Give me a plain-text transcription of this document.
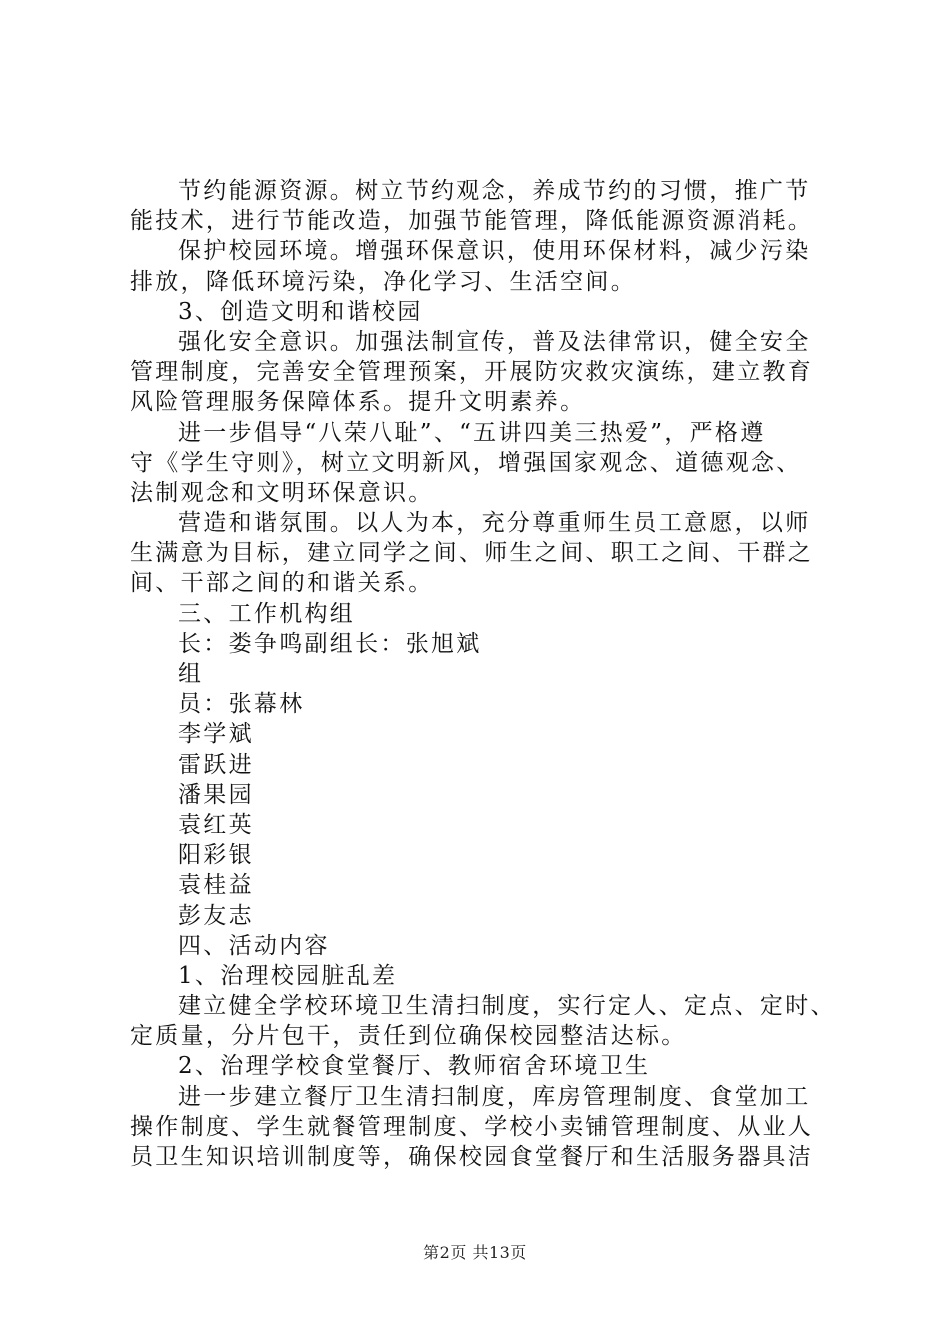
节约能源资源。树立节约观念，养成节约的习惯，推广节
能技术，进行节能改造，加强节能管理，降低能源资源消耗。
保护校园环境。增强环保意识，使用环保材料，减少污染
排放，降低环境污染，净化学习、生活空间。
3、创造文明和谐校园
强化安全意识。加强法制宣传，普及法律常识，健全安全
管理制度，完善安全管理预案，开展防灾救灾演练，建立教育
风险管理服务保障体系。提升文明素养。
进一步倡导“八荣八耻”、“五讲四美三热爱”，严格遵
守《学生守则》，树立文明新风，增强国家观念、道德观念、
法制观念和文明环保意识。
营造和谐氛围。以人为本，充分尊重师生员工意愿，以师
生满意为目标，建立同学之间、师生之间、职工之间、干群之
间、干部之间的和谐关系。
三、工作机构组
长：娄争鸣副组长：张旭斌
组
员：张幕林
李学斌
雷跃进
潘果园
袁红英
阳彩银
袁桂益
彭友志
四、活动内容
1、治理校园脏乱差
建立健全学校环境卫生清扫制度，实行定人、定点、定时、
定质量，分片包干，责任到位确保校园整洁达标。
2、治理学校食堂餐厅、教师宿舍环境卫生
进一步建立餐厅卫生清扫制度，库房管理制度、食堂加工
操作制度、学生就餐管理制度、学校小卖铺管理制度、从业人
员卫生知识培训制度等，确保校园食堂餐厅和生活服务器具洁
第2页 共13页
